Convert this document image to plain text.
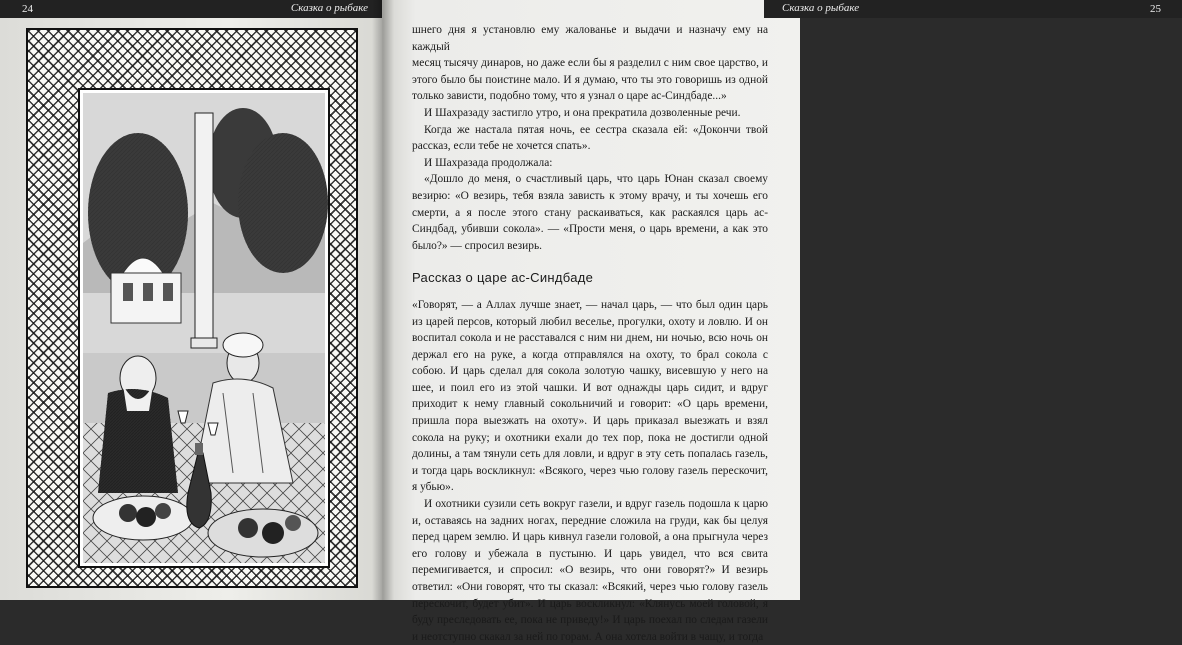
24	Сказка о рыбаке	Сказка о рыбаке	25

шнего дня я установлю ему жалованье и выдачи и назначу ему на каждый

месяц тысячу динаров, но даже если бы я разделил с ним свое царство, и этого было бы поистине мало. И я думаю, что ты это говоришь из одной только зависти, подобно тому, что я узнал о царе ас-Синдбаде...»

И Шахразаду застигло утро, и она прекратила дозволенные речи.

Когда же настала пятая ночь, ее сестра сказала ей: «Докончи твой рассказ, если тебе не хочется спать».

И Шахразада продолжала:

«Дошло до меня, о счастливый царь, что царь Юнан сказал своему везирю: «О везирь, тебя взяла зависть к этому врачу, и ты хочешь его смерти, а я после этого стану раскаиваться, как раскаялся царь ас-Синдбад, убивши сокола». — «Прости меня, о царь времени, а как это было?» — спросил везирь.

Рассказ о царе ас-Синдбаде

«Говорят, — а Аллах лучше знает, — начал царь, — что был один царь из царей персов, который любил веселье, прогулки, охоту и ловлю. И он воспитал сокола и не расставался с ним ни днем, ни ночью, всю ночь он держал его на руке, а когда отправлялся на охоту, то брал сокола с собою. И царь сделал для сокола золотую чашку, висевшую у него на шее, и поил его из этой чашки. И вот однажды царь сидит, и вдруг приходит к нему главный сокольничий и говорит: «О царь времени, пришла пора выезжать на охоту». И царь приказал выезжать и взял сокола на руку; и охотники ехали до тех пор, пока не достигли одной долины, а там тянули сеть для ловли, и вдруг в эту сеть попалась газель, и тогда царь воскликнул: «Всякого, через чью голову газель перескочит, я убью».

И охотники сузили сеть вокруг газели, и вдруг газель подошла к царю и, оставаясь на задних ногах, передние сложила на груди, как бы целуя перед царем землю. И царь кивнул газели головой, а она прыгнула через его голову и убежала в пустыню. И царь увидел, что вся свита перемигивается, и спросил: «О везирь, что они говорят?» И везирь ответил: «Они говорят, что ты сказал: «Всякий, через чью голову газель перескочит, будет убит». И царь воскликнул: «Клянусь моей головой, я буду преследовать ее, пока не приведу!» И царь поехал по следам газели и неотступно скакал за ней по горам. А она хотела войти в чащу, и тогда
